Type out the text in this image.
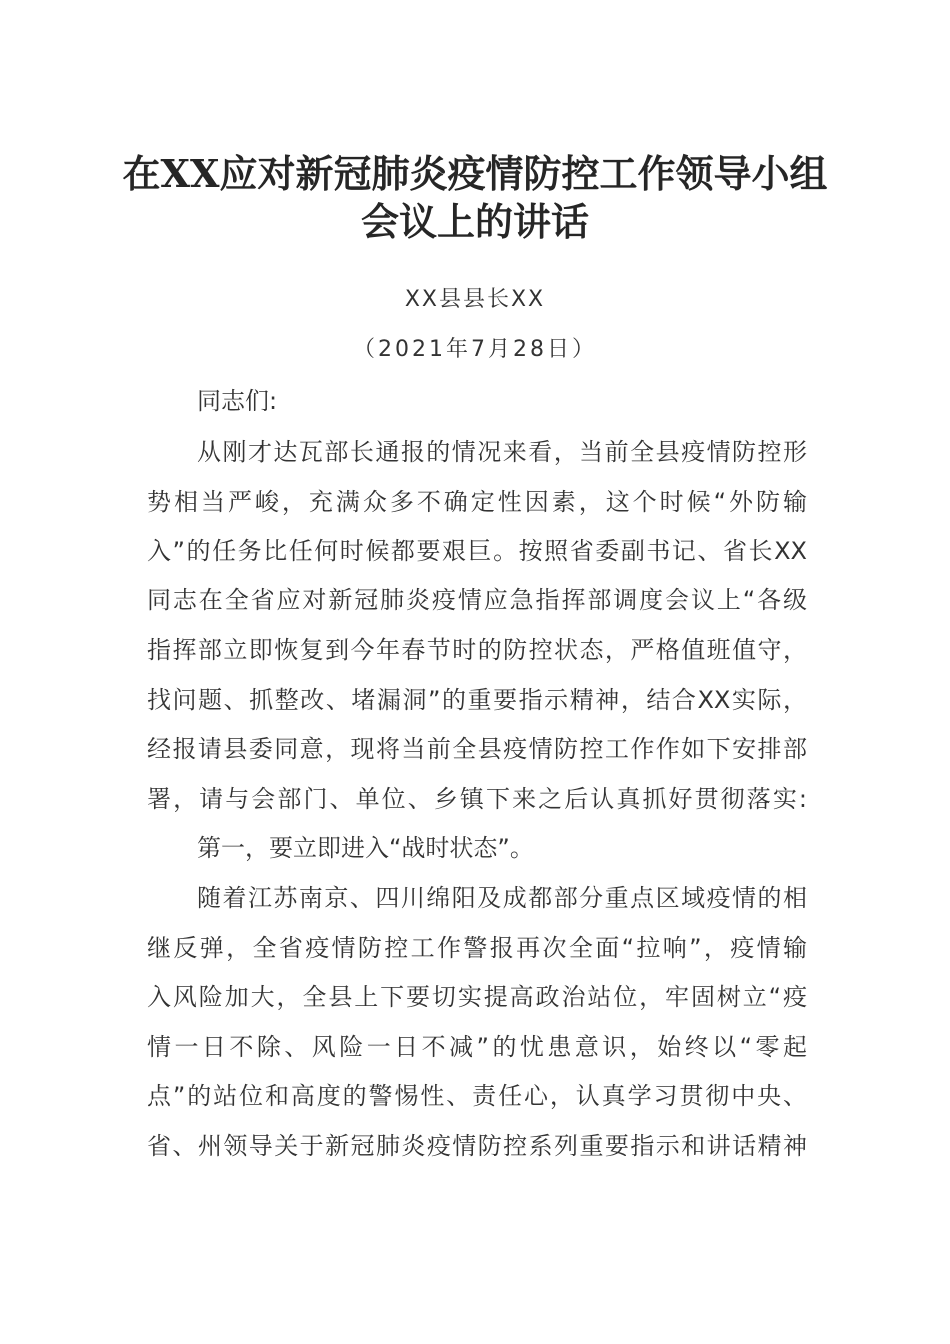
在XX应对新冠肺炎疫情防控工作领导小组
会议上的讲话
XX县县长XX
（2021年7月28日）
同志们:
从刚才达瓦部长通报的情况来看，当前全县疫情防控形
势相当严峻，充满众多不确定性因素，这个时候“外防输
入”的任务比任何时候都要艰巨。按照省委副书记、省长XX
同志在全省应对新冠肺炎疫情应急指挥部调度会议上“各级
指挥部立即恢复到今年春节时的防控状态，严格值班值守，
找问题、抓整改、堵漏洞”的重要指示精神，结合XX实际，
经报请县委同意，现将当前全县疫情防控工作作如下安排部
署，请与会部门、单位、乡镇下来之后认真抓好贯彻落实:
第一，要立即进入“战时状态”。
随着江苏南京、四川绵阳及成都部分重点区域疫情的相
继反弹，全省疫情防控工作警报再次全面“拉响”，疫情输
入风险加大，全县上下要切实提高政治站位，牢固树立“疫
情一日不除、风险一日不减”的忧患意识，始终以“零起
点”的站位和高度的警惕性、责任心，认真学习贯彻中央、
省、州领导关于新冠肺炎疫情防控系列重要指示和讲话精神
